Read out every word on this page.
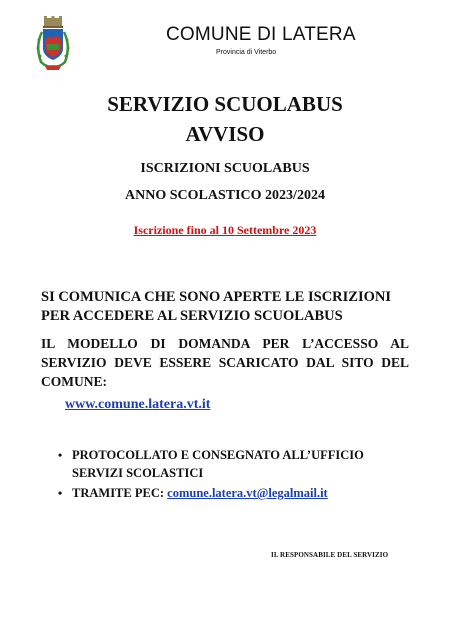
COMUNE DI LATERA
Provincia di Viterbo
SERVIZIO SCUOLABUS
AVVISO
ISCRIZIONI SCUOLABUS
ANNO SCOLASTICO 2023/2024
Iscrizione fino al 10 Settembre 2023
SI COMUNICA CHE SONO APERTE LE ISCRIZIONI
PER ACCEDERE AL SERVIZIO SCUOLABUS
IL MODELLO DI DOMANDA PER L’ACCESSO AL
SERVIZIO DEVE ESSERE SCARICATO DAL SITO DEL
COMUNE:
www.comune.latera.vt.it
• PROTOCOLLATO E CONSEGNATO ALL’UFFICIO
SERVIZI SCOLASTICI
• TRAMITE PEC: comune.latera.vt@legalmail.it
IL RESPONSABILE DEL SERVIZIO
